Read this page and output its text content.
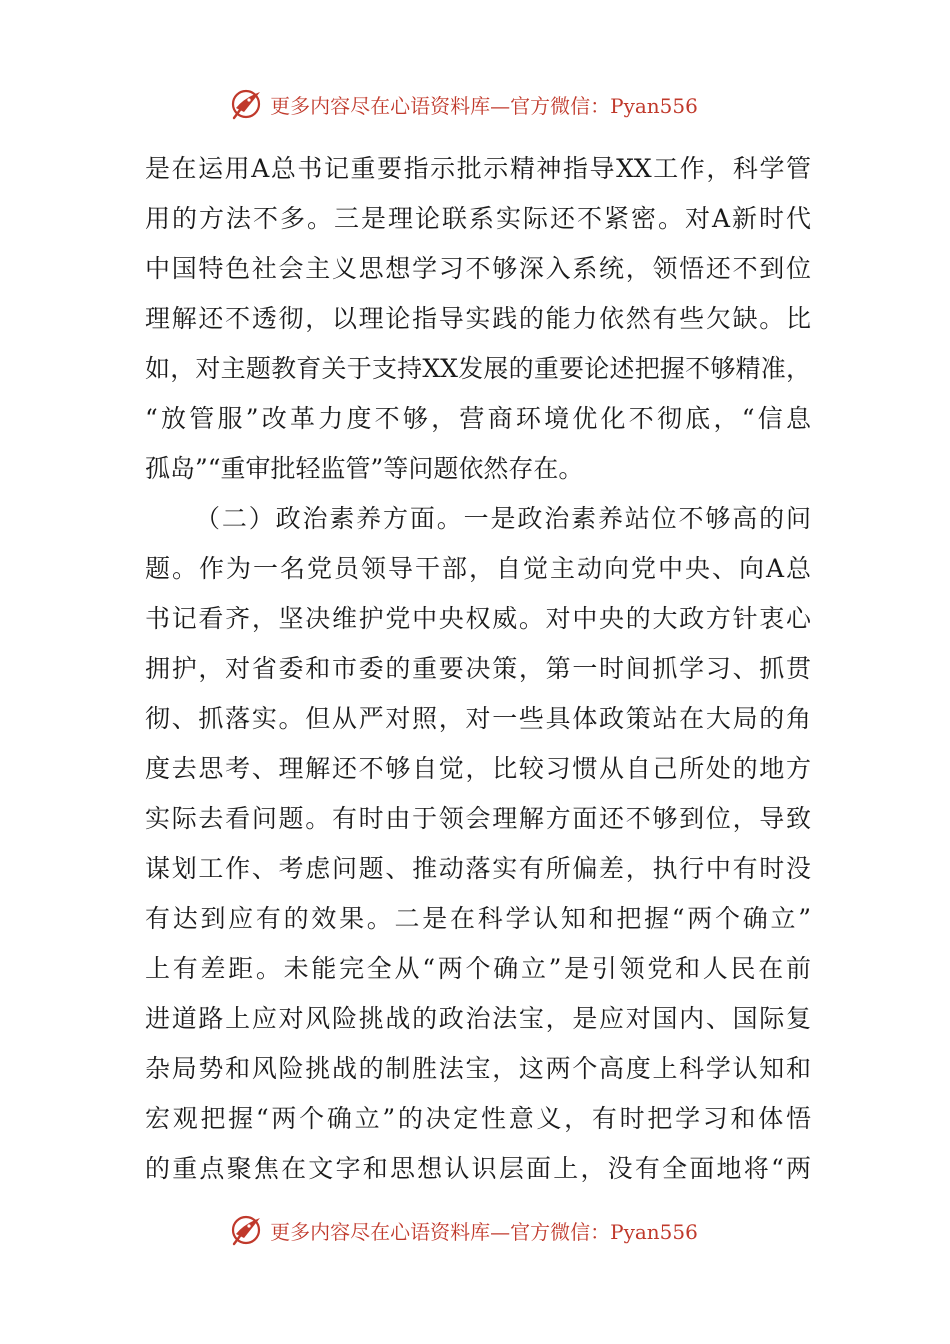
更多内容尽在心语资料库—官方微信：Pyan556
是在运用A总书记重要指示批示精神指导XX工作，科学管
用的方法不多。三是理论联系实际还不紧密。对A新时代
中国特色社会主义思想学习不够深入系统，领悟还不到位
理解还不透彻，以理论指导实践的能力依然有些欠缺。比
如，对主题教育关于支持XX发展的重要论述把握不够精准，
“放管服”改革力度不够，营商环境优化不彻底，“信息
孤岛”“重审批轻监管”等问题依然存在。
（二）政治素养方面。一是政治素养站位不够高的问
题。作为一名党员领导干部，自觉主动向党中央、向A总
书记看齐，坚决维护党中央权威。对中央的大政方针衷心
拥护，对省委和市委的重要决策，第一时间抓学习、抓贯
彻、抓落实。但从严对照，对一些具体政策站在大局的角
度去思考、理解还不够自觉，比较习惯从自己所处的地方
实际去看问题。有时由于领会理解方面还不够到位，导致
谋划工作、考虑问题、推动落实有所偏差，执行中有时没
有达到应有的效果。二是在科学认知和把握“两个确立”
上有差距。未能完全从“两个确立”是引领党和人民在前
进道路上应对风险挑战的政治法宝，是应对国内、国际复
杂局势和风险挑战的制胜法宝，这两个高度上科学认知和
宏观把握“两个确立”的决定性意义，有时把学习和体悟
的重点聚焦在文字和思想认识层面上，没有全面地将“两
更多内容尽在心语资料库—官方微信：Pyan556
